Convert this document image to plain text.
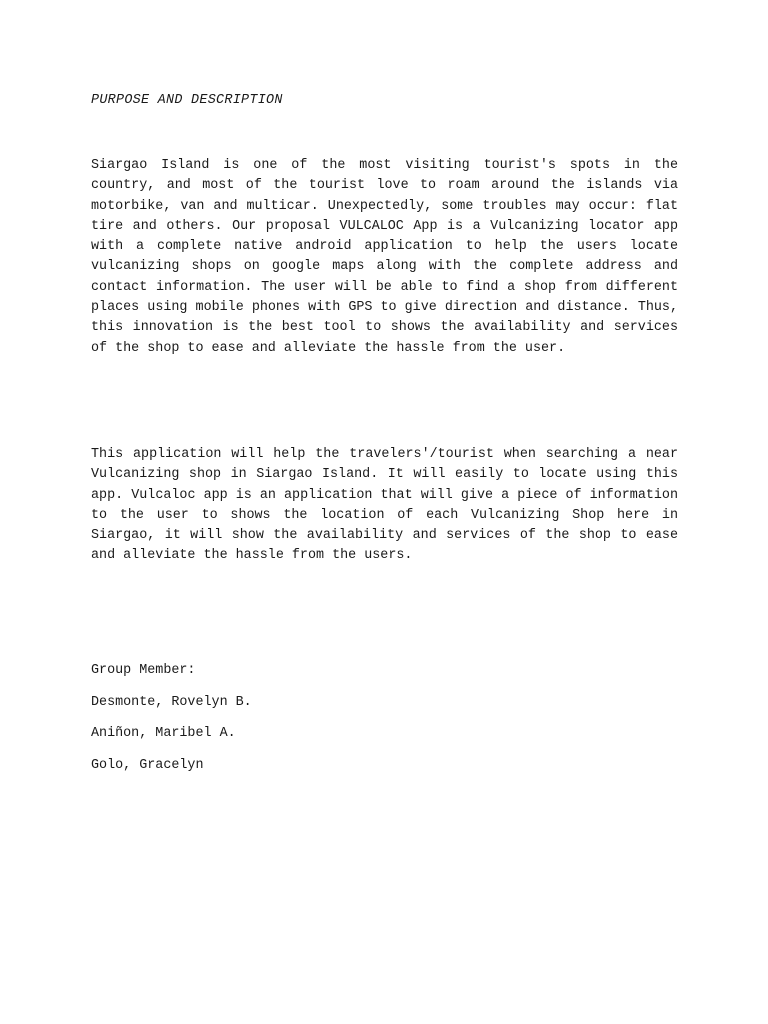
PURPOSE AND DESCRIPTION

Siargao Island is one of the most visiting tourist's spots in the country, and most of the tourist love to roam around the islands via motorbike, van and multicar. Unexpectedly, some troubles may occur: flat tire and others. Our proposal VULCALOC App is a Vulcanizing locator app with a complete native android application to help the users locate vulcanizing shops on google maps along with the complete address and contact information. The user will be able to find a shop from different places using mobile phones with GPS to give direction and distance. Thus, this innovation is the best tool to shows the availability and services of the shop to ease and alleviate the hassle from the user.

This application will help the travelers'/tourist when searching a near Vulcanizing shop in Siargao Island. It will easily to locate using this app. Vulcaloc app is an application that will give a piece of information to the user to shows the location of each Vulcanizing Shop here in Siargao, it will show the availability and services of the shop to ease and alleviate the hassle from the users.

Group Member:

Desmonte, Rovelyn B.

Aniñon, Maribel A.

Golo, Gracelyn
